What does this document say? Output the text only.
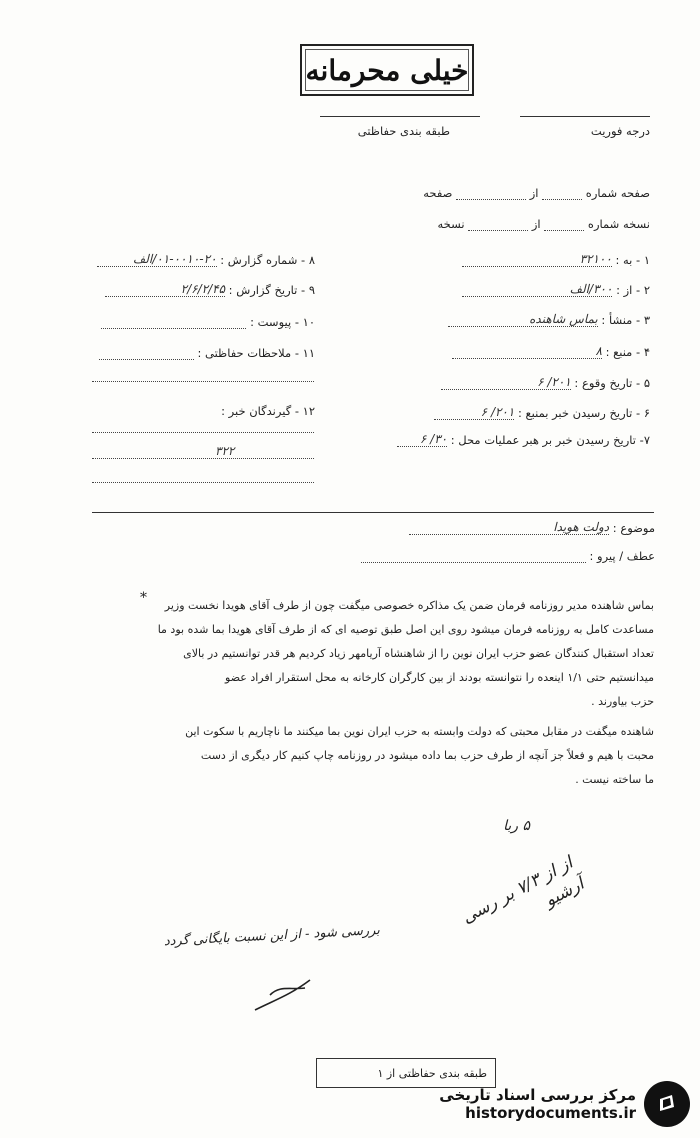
خیلی محرمانه
طبقه بندی حفاظتی	درجه فوریت
صفحه شماره  از  صفحه
نسخه شماره  از  نسخه
۱ - به : ۳۲۱۰۰
۲ - از : ۳۰۰/الف
۳ - منشأ : بماس شاهنده
۴ - منبع : ۸
۵ - تاریخ وقوع : ۲۰۱/ ۶
۶ - تاریخ رسیدن خبر بمنبع : ۲۰۱/ ۶
۷- تاریخ رسیدن خبر بر هبر عملیات محل : ۳۰/ ۶
۸ - شماره گزارش : ۰۱-۰۰۱۰-۲۰/الف
۹ - تاریخ گزارش : ۲/۶/۲/۴۵
۱۰ - پیوست :
۱۱ - ملاحظات حفاظتی :
۱۲ - گیرندگان خبر :
۳۲۲
موضوع : دولت هویدا
عطف / پیرو :
بماس شاهنده مدیر روزنامه فرمان ضمن یک مذاکره خصوصی میگفت چون از طرف آقای هویدا نخست وزیر
مساعدت کامل به روزنامه فرمان میشود روی این اصل طبق توصیه ای که از طرف آقای هویدا بما شده بود ما
تعداد استقبال کنندگان عضو حزب ایران نوین را از شاهنشاه آریامهر زیاد کردیم هر قدر توانستیم در بالای
میدانستیم حتی ۱/۱ اینعده را نتوانسته بودند از بین کارگران کارخانه به محل استقرار افراد عضو
حزب بیاورند .
شاهنده میگفت در مقابل محبتی که دولت وابسته به حزب ایران نوین بما میکنند ما ناچاریم با سکوت این
محبت با هیم و فعلاً جز آنچه از طرف حزب بما داده میشود در روزنامه چاپ کنیم کار دیگری از دست
ما ساخته نیست .
*
۵ ربا
از از ۷/۳ بر رسی آرشیو
بررسی شود - از این نسبت بایگانی گردد
طبقه بندی حفاظتی از ۱
مرکز بررسی اسناد تاریخی
historydocuments.ir
